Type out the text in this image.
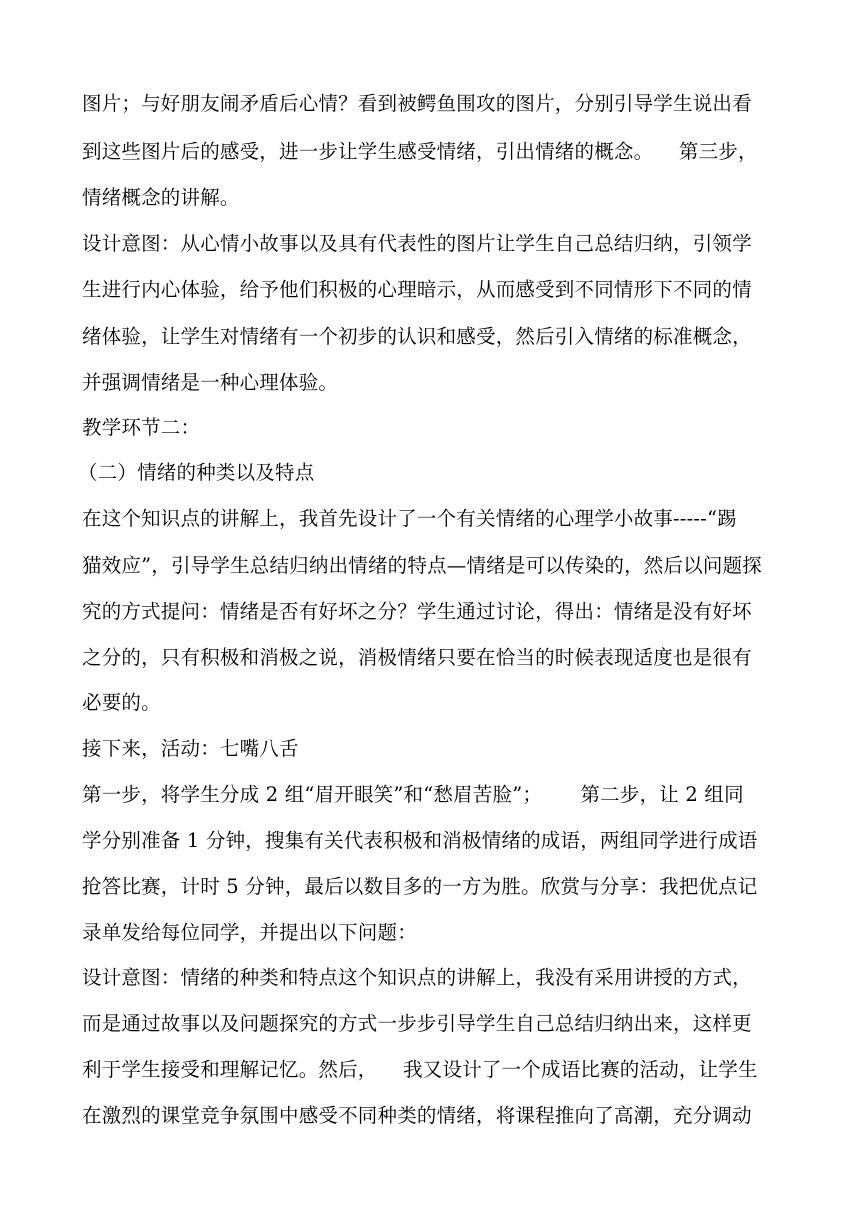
图片；与好朋友闹矛盾后心情？看到被鳄鱼围攻的图片，分别引导学生说出看
到这些图片后的感受，进一步让学生感受情绪，引出情绪的概念。    第三步，
情绪概念的讲解。
设计意图：从心情小故事以及具有代表性的图片让学生自己总结归纳，引领学
生进行内心体验，给予他们积极的心理暗示，从而感受到不同情形下不同的情
绪体验，让学生对情绪有一个初步的认识和感受，然后引入情绪的标准概念，
并强调情绪是一种心理体验。
教学环节二：
（二）情绪的种类以及特点
在这个知识点的讲解上，我首先设计了一个有关情绪的心理学小故事-----“踢
猫效应”，引导学生总结归纳出情绪的特点—情绪是可以传染的，然后以问题探
究的方式提问：情绪是否有好坏之分？学生通过讨论，得出：情绪是没有好坏
之分的，只有积极和消极之说，消极情绪只要在恰当的时候表现适度也是很有
必要的。
接下来，活动：七嘴八舌
第一步，将学生分成 2 组“眉开眼笑”和“愁眉苦脸”；      第二步，让 2 组同
学分别准备 1 分钟，搜集有关代表积极和消极情绪的成语，两组同学进行成语
抢答比赛，计时 5 分钟，最后以数目多的一方为胜。欣赏与分享：我把优点记
录单发给每位同学，并提出以下问题：
设计意图：情绪的种类和特点这个知识点的讲解上，我没有采用讲授的方式，
而是通过故事以及问题探究的方式一步步引导学生自己总结归纳出来，这样更
利于学生接受和理解记忆。然后，    我又设计了一个成语比赛的活动，让学生
在激烈的课堂竞争氛围中感受不同种类的情绪，将课程推向了高潮，充分调动
